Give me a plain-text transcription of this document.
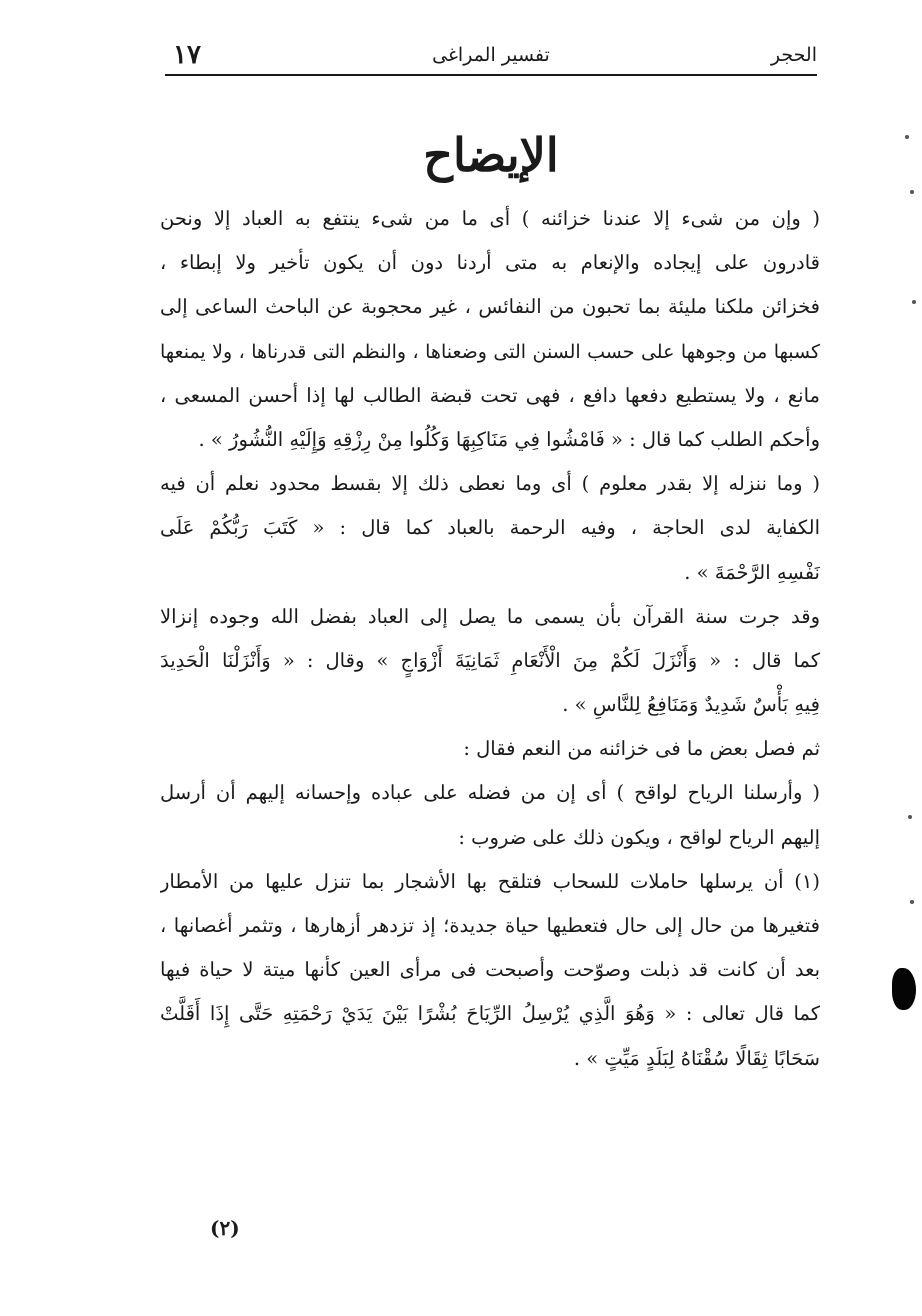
١٧	تفسير المراغى	الحجر
الإيضاح
( وإن من شىء إلا عندنا خزائنه ) أى ما من شىء ينتفع به العباد إلا ونحن
قادرون على إيجاده والإنعام به متى أردنا دون أن يكون تأخير ولا إبطاء ،
فخزائن ملكنا مليئة بما تحبون من النفائس ، غير محجوبة عن الباحث الساعى إلى
كسبها من وجوهها على حسب السنن التى وضعناها ، والنظم التى قدرناها ، ولا يمنعها
مانع ، ولا يستطيع دفعها دافع ، فهى تحت قبضة الطالب لها إذا أحسن المسعى ،
وأحكم الطلب كما قال : « فَامْشُوا فِي مَنَاكِبِهَا وَكُلُوا مِنْ رِزْقِهِ وَإِلَيْهِ النُّشُورُ » .
( وما ننزله إلا بقدر معلوم ) أى وما نعطى ذلك إلا بقسط محدود نعلم أن فيه
الكفاية لدى الحاجة ، وفيه الرحمة بالعباد كما قال : « كَتَبَ رَبُّكُمْ عَلَى
نَفْسِهِ الرَّحْمَةَ » .
وقد جرت سنة القرآن بأن يسمى ما يصل إلى العباد بفضل الله وجوده إنزالا
كما قال : « وَأَنْزَلَ لَكُمْ مِنَ الْأَنْعَامِ ثَمَانِيَةَ أَزْوَاجٍ » وقال : « وَأَنْزَلْنَا الْحَدِيدَ
فِيهِ بَأْسٌ شَدِيدٌ وَمَنَافِعُ لِلنَّاسِ » .
ثم فصل بعض ما فى خزائنه من النعم فقال :
( وأرسلنا الرياح لواقح ) أى إن من فضله على عباده وإحسانه إليهم أن أرسل
إليهم الرياح لواقح ، ويكون ذلك على ضروب :
(١) أن يرسلها حاملات للسحاب فتلقح بها الأشجار بما تنزل عليها من الأمطار
فتغيرها من حال إلى حال فتعطيها حياة جديدة؛ إذ تزدهر أزهارها ، وتثمر أغصانها ،
بعد أن كانت قد ذبلت وصوّحت وأصبحت فى مرأى العين كأنها ميتة لا حياة فيها
كما قال تعالى : « وَهُوَ الَّذِي يُرْسِلُ الرِّيَاحَ بُشْرًا بَيْنَ يَدَيْ رَحْمَتِهِ حَتَّى إِذَا أَقَلَّتْ
سَحَابًا ثِقَالًا سُقْنَاهُ لِبَلَدٍ مَيِّتٍ » .
(٢)
